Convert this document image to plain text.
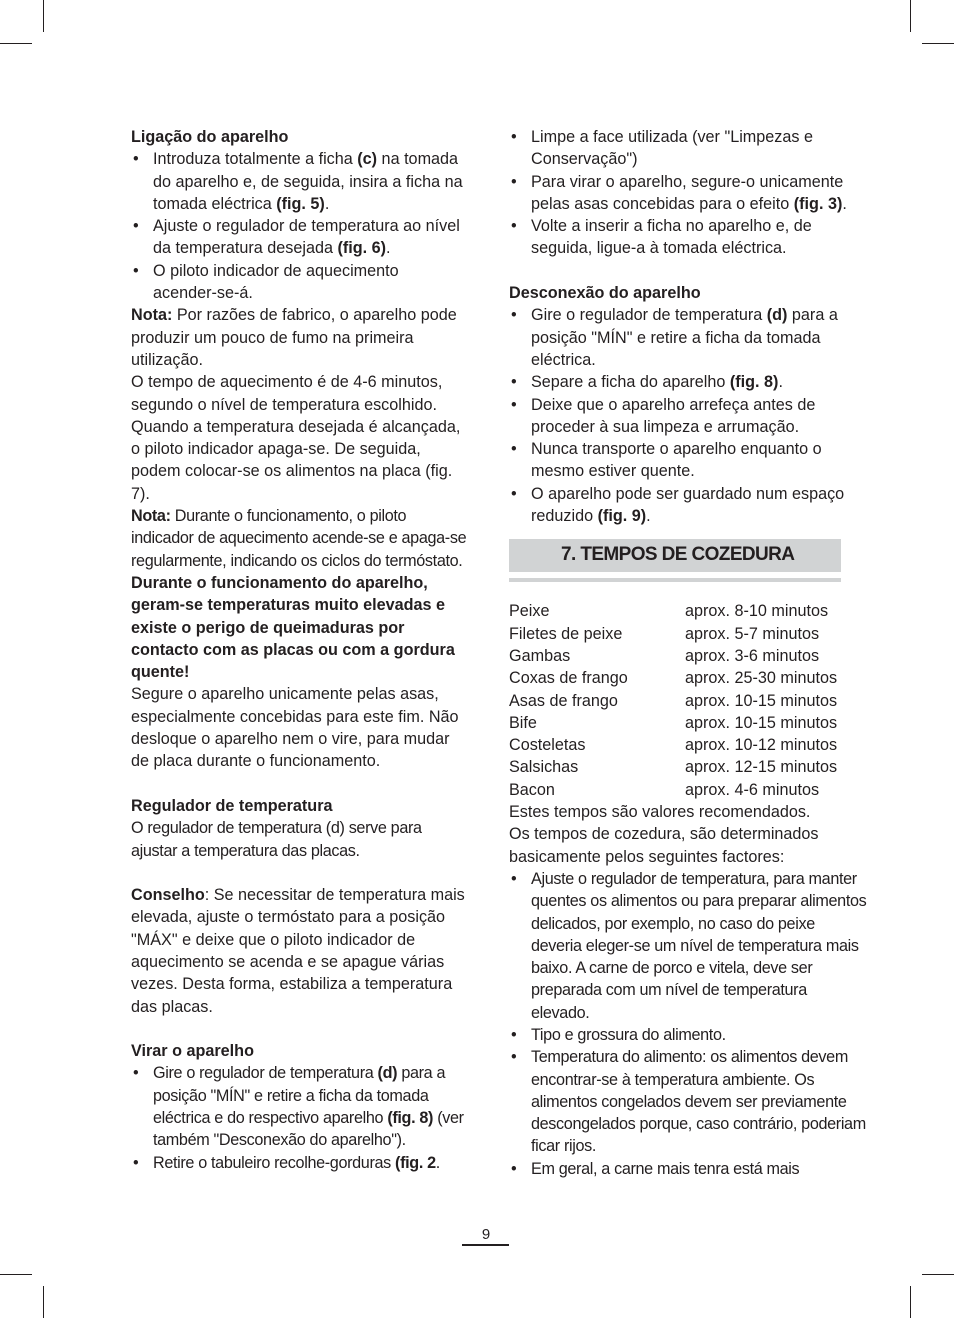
Ligação do aparelho

• Introduza totalmente a ficha (c) na tomada do aparelho e, de seguida, insira a ficha na tomada eléctrica (fig. 5).
• Ajuste o regulador de temperatura ao nível da temperatura desejada (fig. 6).
• O piloto indicador de aquecimento acender-se-á.

Nota: Por razões de fabrico, o aparelho pode produzir um pouco de fumo na primeira utilização.

O tempo de aquecimento é de 4-6 minutos, segundo o nível de temperatura escolhido. Quando a temperatura desejada é alcançada, o piloto indicador apaga-se. De seguida, podem colocar-se os alimentos na placa (fig. 7).

Nota: Durante o funcionamento, o piloto indicador de aquecimento acende-se e apaga-se regularmente, indicando os ciclos do termóstato.

Durante o funcionamento do aparelho, geram-se temperaturas muito elevadas e existe o perigo de queimaduras por contacto com as placas ou com a gordura quente!

Segure o aparelho unicamente pelas asas, especialmente concebidas para este fim. Não desloque o aparelho nem o vire, para mudar de placa durante o funcionamento.

Regulador de temperatura

O regulador de temperatura (d) serve para ajustar a temperatura das placas.

Conselho: Se necessitar de temperatura mais elevada, ajuste o termóstato para a posição "MÁX" e deixe que o piloto indicador de aquecimento se acenda e se apague várias vezes. Desta forma, estabiliza a temperatura das placas.

Virar o aparelho

• Gire o regulador de temperatura (d) para a posição "MÍN" e retire a ficha da tomada eléctrica e do respectivo aparelho (fig. 8) (ver também "Desconexão do aparelho").
• Retire o tabuleiro recolhe-gorduras (fig. 2.
• Limpe a face utilizada (ver "Limpezas e Conservação")
• Para virar o aparelho, segure-o unicamente pelas asas concebidas para o efeito (fig. 3).
• Volte a inserir a ficha no aparelho e, de seguida, ligue-a à tomada eléctrica.

Desconexão do aparelho

• Gire o regulador de temperatura (d) para a posição "MÍN" e retire a ficha da tomada eléctrica.
• Separe a ficha do aparelho (fig. 8).
• Deixe que o aparelho arrefeça antes de proceder à sua limpeza e arrumação.
• Nunca transporte o aparelho enquanto o mesmo estiver quente.
• O aparelho pode ser guardado num espaço reduzido (fig. 9).
7. TEMPOS DE COZEDURA
Peixe	aprox. 8-10 minutos
Filetes de peixe	aprox. 5-7 minutos
Gambas	aprox. 3-6 minutos
Coxas de frango	aprox. 25-30 minutos
Asas de frango	aprox. 10-15 minutos
Bife	aprox. 10-15 minutos
Costeletas	aprox. 10-12 minutos
Salsichas	aprox. 12-15 minutos
Bacon	aprox. 4-6 minutos

Estes tempos são valores recomendados.

Os tempos de cozedura, são determinados basicamente pelos seguintes factores:

• Ajuste o regulador de temperatura, para manter quentes os alimentos ou para preparar alimentos delicados, por exemplo, no caso do peixe deveria eleger-se um nível de temperatura mais baixo. A carne de porco e vitela, deve ser preparada com um nível de temperatura elevado.
• Tipo e grossura do alimento.
• Temperatura do alimento: os alimentos devem encontrar-se à temperatura ambiente. Os alimentos congelados devem ser previamente descongelados porque, caso contrário, poderiam ficar rijos.
• Em geral, a carne mais tenra está mais
9
